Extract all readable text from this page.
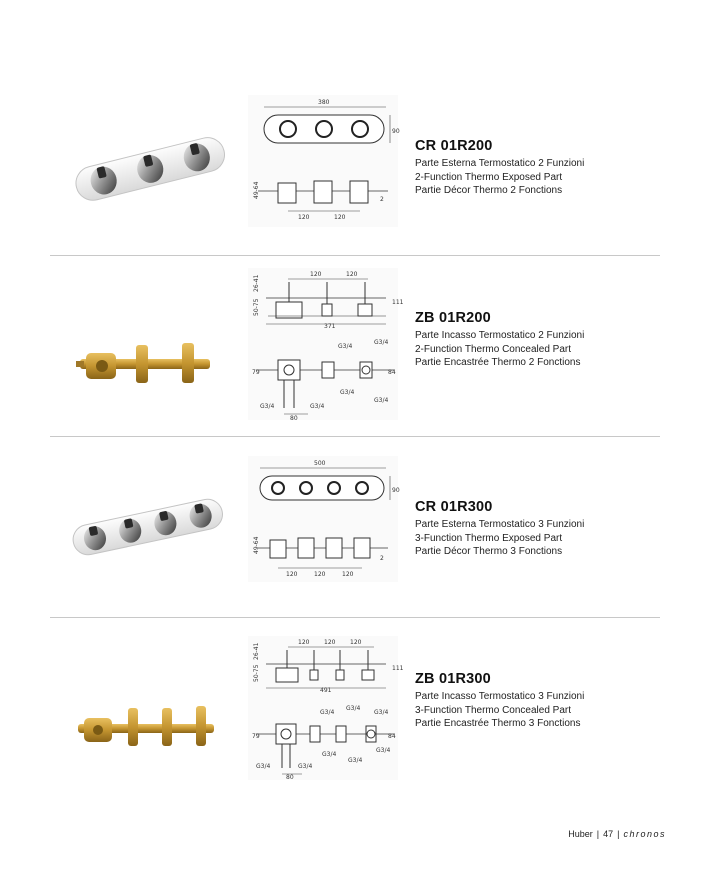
380
90
49-64
2
120	120
CR 01R200
Parte Esterna Termostatico 2 Funzioni
2-Function Thermo Exposed Part
Partie Décor Thermo 2 Fonctions
120	120
26-41
50-75	111
371
G3/4
G3/4
G3/4
G3/4
G3/4	G3/4
79	84
80
ZB 01R200
Parte Incasso Termostatico 2 Funzioni
2-Function Thermo Concealed Part
Partie Encastrée Thermo 2 Fonctions
500
90
49-64
2
120	120	120
CR 01R300
Parte Esterna Termostatico 3 Funzioni
3-Function Thermo Exposed Part
Partie Décor Thermo 3 Fonctions
120 120 120
26-41
50-75	111
491
G3/4
G3/4
G3/4
G3/4
G3/4
G3/4
G3/4	G3/4
79	84
80
ZB 01R300
Parte Incasso Termostatico 3 Funzioni
3-Function Thermo Concealed Part
Partie Encastrée Thermo 3 Fonctions
Huber | 47 | chronos
